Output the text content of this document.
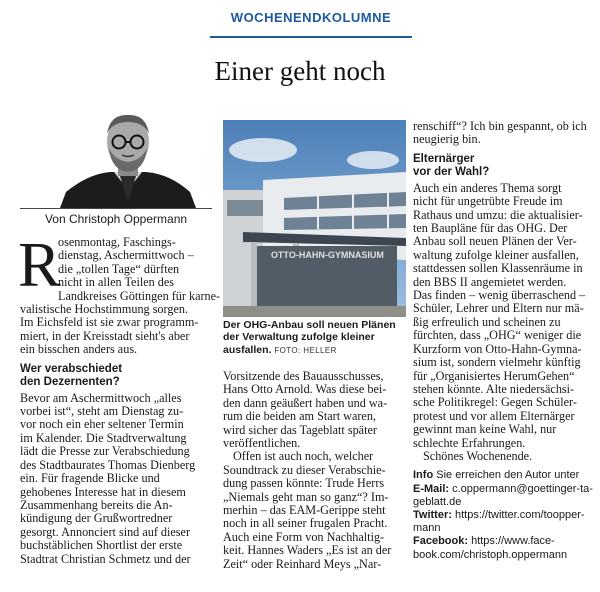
WOCHENENDKOLUMNE
Einer geht noch
Von Christoph Oppermann
R

osenmontag, Faschings-
dienstag, Aschermittwoch –
die „tollen Tage“ dürften
nicht in allen Teilen des
Landkreises Göttingen für karne-
valistische Hochstimmung sorgen.
Im Eichsfeld ist sie zwar programm-
miert, in der Kreisstadt sieht's aber
ein bisschen anders aus.

Wer verabschiedet
den Dezernenten?

Bevor am Aschermittwoch „alles
vorbei ist“, steht am Dienstag zu-
vor noch ein eher seltener Termin
im Kalender. Die Stadtverwaltung
lädt die Presse zur Verabschiedung
des Stadtbaurates Thomas Dienberg
ein. Für fragende Blicke und
gehobenes Interesse hat in diesem
Zusammenhang bereits die An-
kündigung der Grußwortredner
gesorgt. Annonciert sind auf dieser
buchstäblichen Shortlist der erste
Stadtrat Christian Schmetz und der

OTTO-HAHN-GYMNASIUM
Der OHG-Anbau soll neuen Plänen der Verwaltung zufolge kleiner ausfallen. FOTO: HELLER

Vorsitzende des Bauausschusses,
Hans Otto Arnold. Was diese bei-
den dann geäußert haben und wa-
rum die beiden am Start waren,
wird sicher das Tageblatt später
veröffentlichen.

Offen ist auch noch, welcher
Soundtrack zu dieser Verabschie-
dung passen könnte: Trude Herrs
„Niemals geht man so ganz“? Im-
merhin – das EAM-Gerippe steht
noch in all seiner frugalen Pracht.
Auch eine Form von Nachhaltig-
keit. Hannes Waders „Es ist an der
Zeit“ oder Reinhard Meys „Nar-

renschiff“? Ich bin gespannt, ob ich
neugierig bin.

Elternärger
vor der Wahl?

Auch ein anderes Thema sorgt
nicht für ungetrübte Freude im
Rathaus und umzu: die aktualisier-
ten Baupläne für das OHG. Der
Anbau soll neuen Plänen der Ver-
waltung zufolge kleiner ausfallen,
stattdessen sollen Klassenräume in
den BBS II angemietet werden.
Das finden – wenig überraschend –
Schüler, Lehrer und Eltern nur mä-
ßig erfreulich und scheinen zu
fürchten, dass „OHG“ weniger die
Kurzform von Otto-Hahn-Gymna-
sium ist, sondern vielmehr künftig
für „Organisiertes HerumGehen“
stehen könnte. Alte niedersächsi-
sche Politikregel: Gegen Schüler-
protest und vor allem Elternärger
gewinnt man keine Wahl, nur
schlechte Erfahrungen.

Schönes Wochenende.

Info Sie erreichen den Autor unter
E-Mail: c.oppermann@goettinger-ta-
geblatt.de
Twitter: https://twitter.com/toopper-
mann
Facebook: https://www.face-
book.com/christoph.oppermann
